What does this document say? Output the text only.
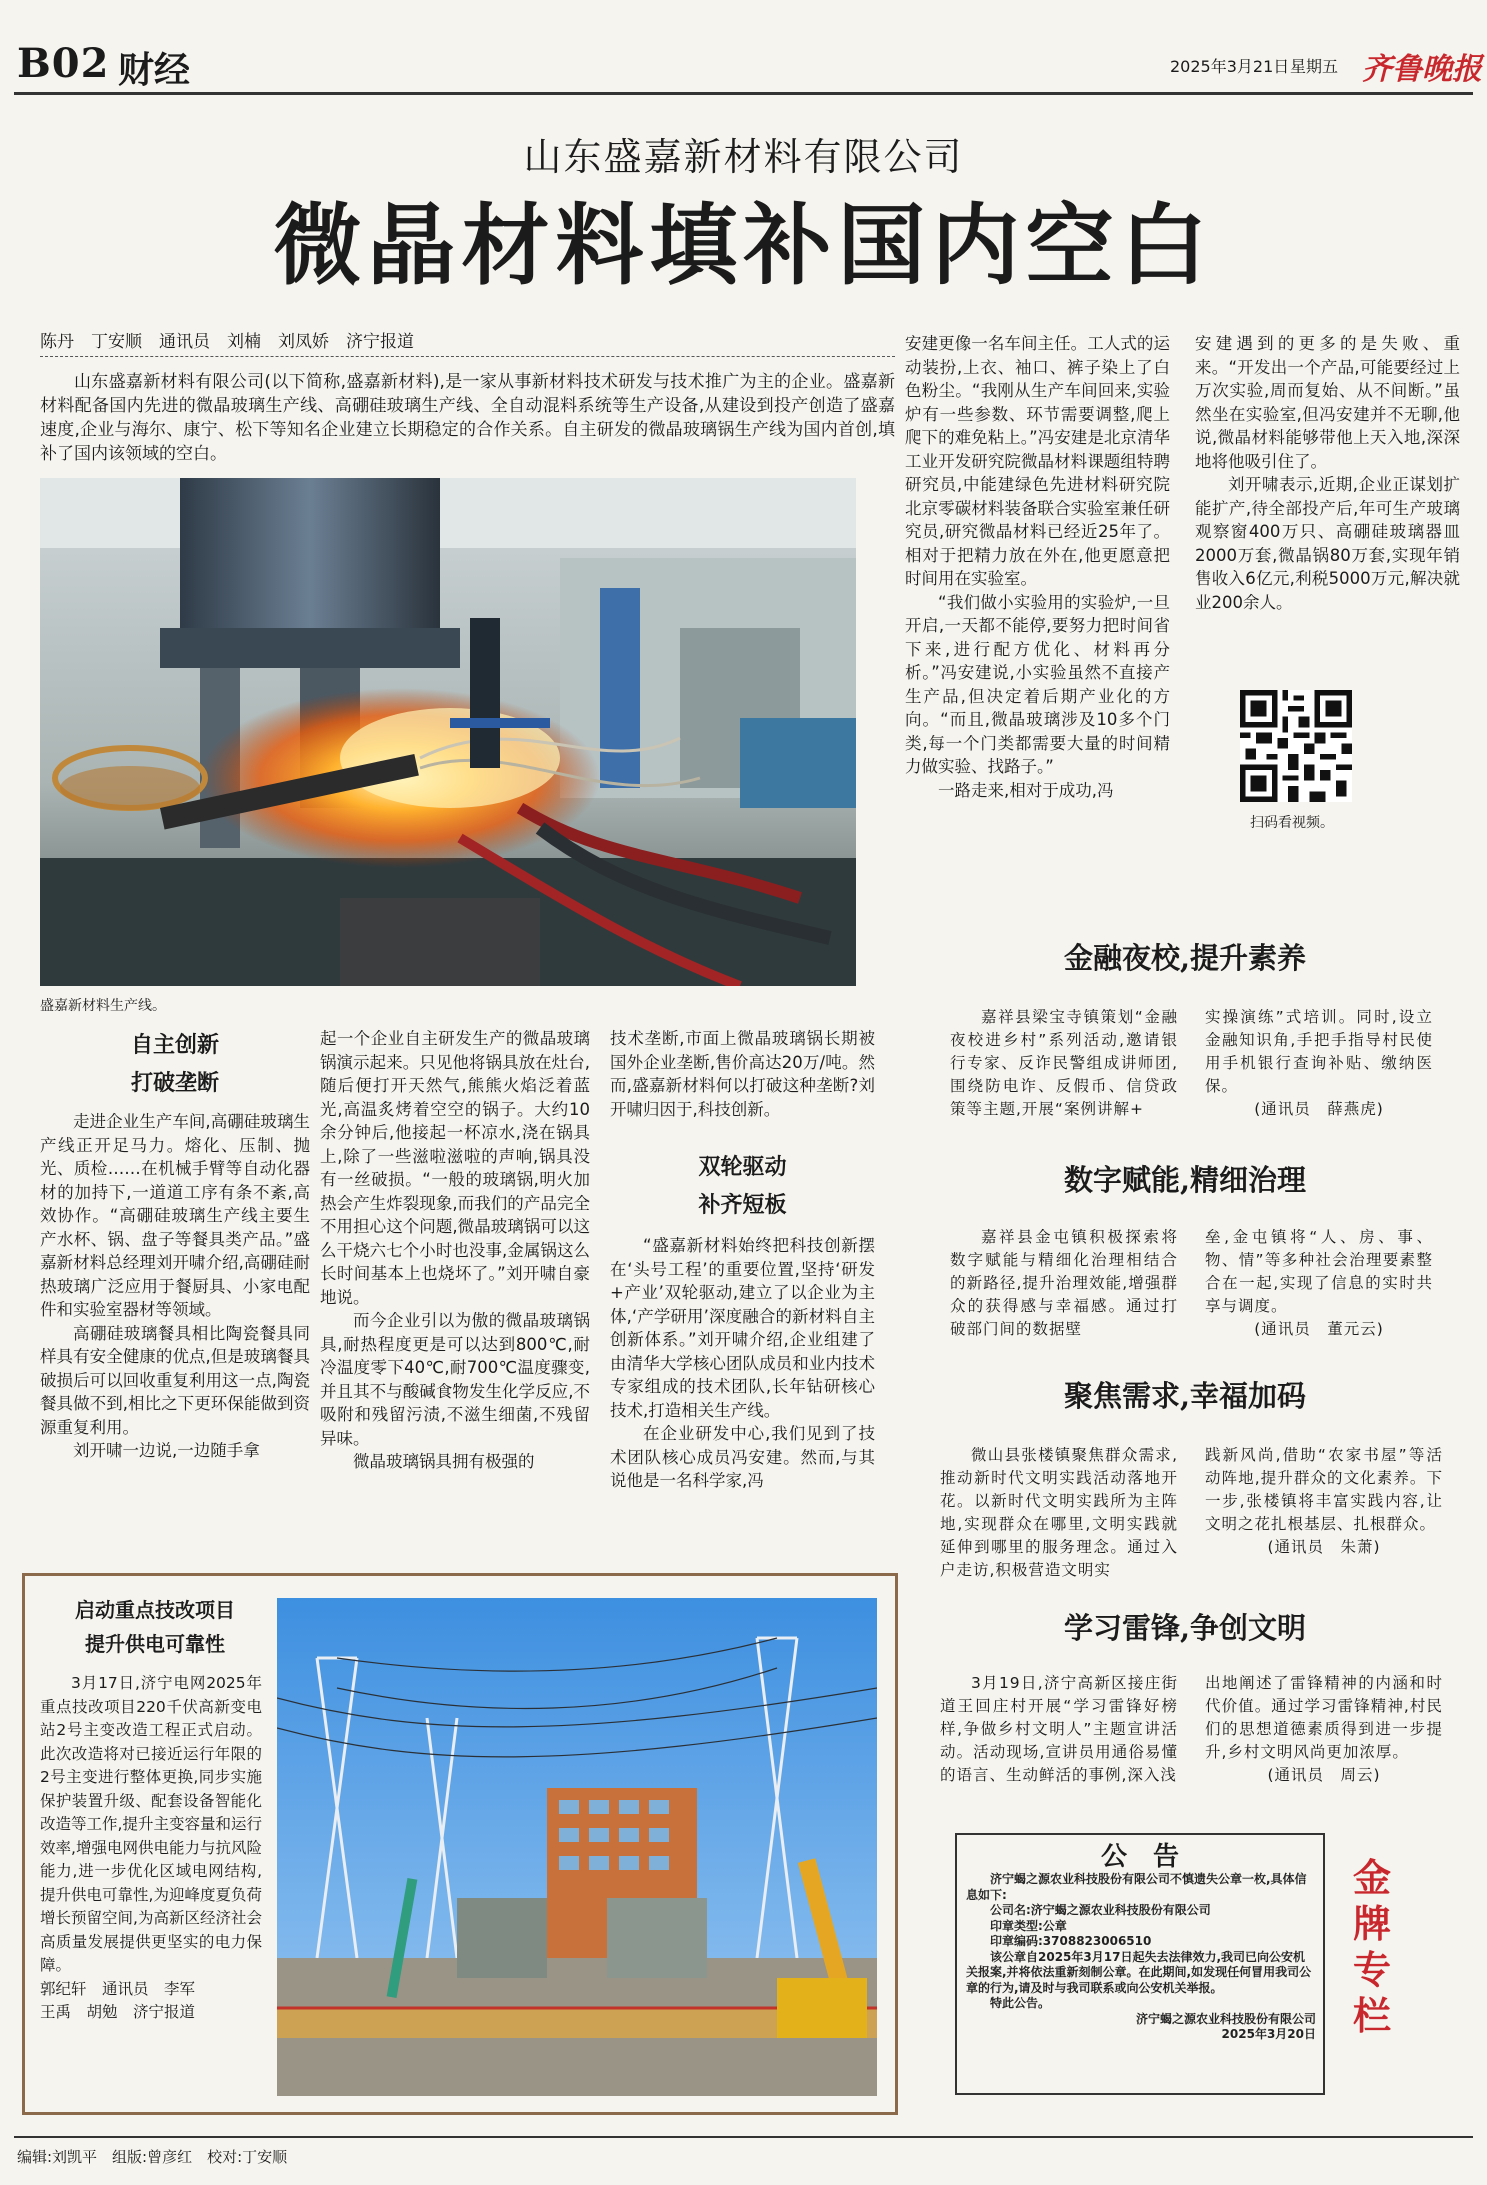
B02 财经	2025年3月21日 星期五 齐鲁晚报
山东盛嘉新材料有限公司
微晶材料填补国内空白
陈丹　丁安顺　通讯员　刘楠　刘凤娇　济宁报道

山东盛嘉新材料有限公司(以下简称,盛嘉新材料),是一家从事新材料技术研发与技术推广为主的企业。盛嘉新材料配备国内先进的微晶玻璃生产线、高硼硅玻璃生产线、全自动混料系统等生产设备,从建设到投产创造了盛嘉速度,企业与海尔、康宁、松下等知名企业建立长期稳定的合作关系。自主研发的微晶玻璃锅生产线为国内首创,填补了国内该领域的空白。

盛嘉新材料生产线。
自主创新
打破垄断

走进企业生产车间,高硼硅玻璃生产线正开足马力。熔化、压制、抛光、质检……在机械手臂等自动化器材的加持下,一道道工序有条不紊,高效协作。“高硼硅玻璃生产线主要生产水杯、锅、盘子等餐具类产品。”盛嘉新材料总经理刘开啸介绍,高硼硅耐热玻璃广泛应用于餐厨具、小家电配件和实验室器材等领域。

高硼硅玻璃餐具相比陶瓷餐具同样具有安全健康的优点,但是玻璃餐具破损后可以回收重复利用这一点,陶瓷餐具做不到,相比之下更环保能做到资源重复利用。

刘开啸一边说,一边随手拿

起一个企业自主研发生产的微晶玻璃锅演示起来。只见他将锅具放在灶台,随后便打开天然气,熊熊火焰泛着蓝光,高温炙烤着空空的锅子。大约10余分钟后,他接起一杯凉水,浇在锅具上,除了一些滋啦滋啦的声响,锅具没有一丝破损。“一般的玻璃锅,明火加热会产生炸裂现象,而我们的产品完全不用担心这个问题,微晶玻璃锅可以这么干烧六七个小时也没事,金属锅这么长时间基本上也烧坏了。”刘开啸自豪地说。

而今企业引以为傲的微晶玻璃锅具,耐热程度更是可以达到800℃,耐冷温度零下40℃,耐700℃温度骤变,并且其不与酸碱食物发生化学反应,不吸附和残留污渍,不滋生细菌,不残留异味。

微晶玻璃锅具拥有极强的

技术垄断,市面上微晶玻璃锅长期被国外企业垄断,售价高达20万/吨。然而,盛嘉新材料何以打破这种垄断?刘开啸归因于,科技创新。

双轮驱动
补齐短板

“盛嘉新材料始终把科技创新摆在‘头号工程’的重要位置,坚持‘研发+产业’双轮驱动,建立了以企业为主体,‘产学研用’深度融合的新材料自主创新体系。”刘开啸介绍,企业组建了由清华大学核心团队成员和业内技术专家组成的技术团队,长年钻研核心技术,打造相关生产线。

在企业研发中心,我们见到了技术团队核心成员冯安建。然而,与其说他是一名科学家,冯

安建更像一名车间主任。工人式的运动装扮,上衣、袖口、裤子染上了白色粉尘。“我刚从生产车间回来,实验炉有一些参数、环节需要调整,爬上爬下的难免粘上。”冯安建是北京清华工业开发研究院微晶材料课题组特聘研究员,中能建绿色先进材料研究院北京零碳材料装备联合实验室兼任研究员,研究微晶材料已经近25年了。相对于把精力放在外在,他更愿意把时间用在实验室。

“我们做小实验用的实验炉,一旦开启,一天都不能停,要努力把时间省下来,进行配方优化、材料再分析。”冯安建说,小实验虽然不直接产生产品,但决定着后期产业化的方向。“而且,微晶玻璃涉及10多个门类,每一个门类都需要大量的时间精力做实验、找路子。”

一路走来,相对于成功,冯

安建遇到的更多的是失败、重来。“开发出一个产品,可能要经过上万次实验,周而复始、从不间断。”虽然坐在实验室,但冯安建并不无聊,他说,微晶材料能够带他上天入地,深深地将他吸引住了。

刘开啸表示,近期,企业正谋划扩能扩产,待全部投产后,年可生产玻璃观察窗400万只、高硼硅玻璃器皿2000万套,微晶锅80万套,实现年销售收入6亿元,利税5000万元,解决就业200余人。

扫码看视频。
金融夜校,提升素养

嘉祥县梁宝寺镇策划“金融夜校进乡村”系列活动,邀请银行专家、反诈民警组成讲师团,围绕防电诈、反假币、信贷政策等主题,开展“案例讲解+

实操演练”式培训。同时,设立金融知识角,手把手指导村民使用手机银行查询补贴、缴纳医保。

(通讯员　薛燕虎)
数字赋能,精细治理

嘉祥县金屯镇积极探索将数字赋能与精细化治理相结合的新路径,提升治理效能,增强群众的获得感与幸福感。通过打破部门间的数据壁

垒,金屯镇将“人、房、事、物、情”等多种社会治理要素整合在一起,实现了信息的实时共享与调度。

(通讯员　董元云)
聚焦需求,幸福加码

微山县张楼镇聚焦群众需求,推动新时代文明实践活动落地开花。以新时代文明实践所为主阵地,实现群众在哪里,文明实践就延伸到哪里的服务理念。通过入户走访,积极营造文明实

践新风尚,借助“农家书屋”等活动阵地,提升群众的文化素养。下一步,张楼镇将丰富实践内容,让文明之花扎根基层、扎根群众。

(通讯员　朱萧)
学习雷锋,争创文明

3月19日,济宁高新区接庄街道王回庄村开展“学习雷锋好榜样,争做乡村文明人”主题宣讲活动。活动现场,宣讲员用通俗易懂的语言、生动鲜活的事例,深入浅

出地阐述了雷锋精神的内涵和时代价值。通过学习雷锋精神,村民们的思想道德素质得到进一步提升,乡村文明风尚更加浓厚。

(通讯员　周云)
启动重点技改项目
提升供电可靠性

3月17日,济宁电网2025年重点技改项目220千伏高新变电站2号主变改造工程正式启动。此次改造将对已接近运行年限的2号主变进行整体更换,同步实施保护装置升级、配套设备智能化改造等工作,提升主变容量和运行效率,增强电网供电能力与抗风险能力,进一步优化区域电网结构,提升供电可靠性,为迎峰度夏负荷增长预留空间,为高新区经济社会高质量发展提供更坚实的电力保障。

郭纪轩　通讯员　李军
王禹　胡勉　济宁报道
公　告
济宁蝎之源农业科技股份有限公司不慎遗失公章一枚,具体信息如下:
公司名:济宁蝎之源农业科技股份有限公司
印章类型:公章
印章编码:3708823006510
该公章自2025年3月17日起失去法律效力,我司已向公安机关报案,并将依法重新刻制公章。在此期间,如发现任何冒用我司公章的行为,请及时与我司联系或向公安机关举报。
特此公告。
济宁蝎之源农业科技股份有限公司
2025年3月20日
金牌专栏
编辑:刘凯平　组版:曾彦红　校对:丁安顺
